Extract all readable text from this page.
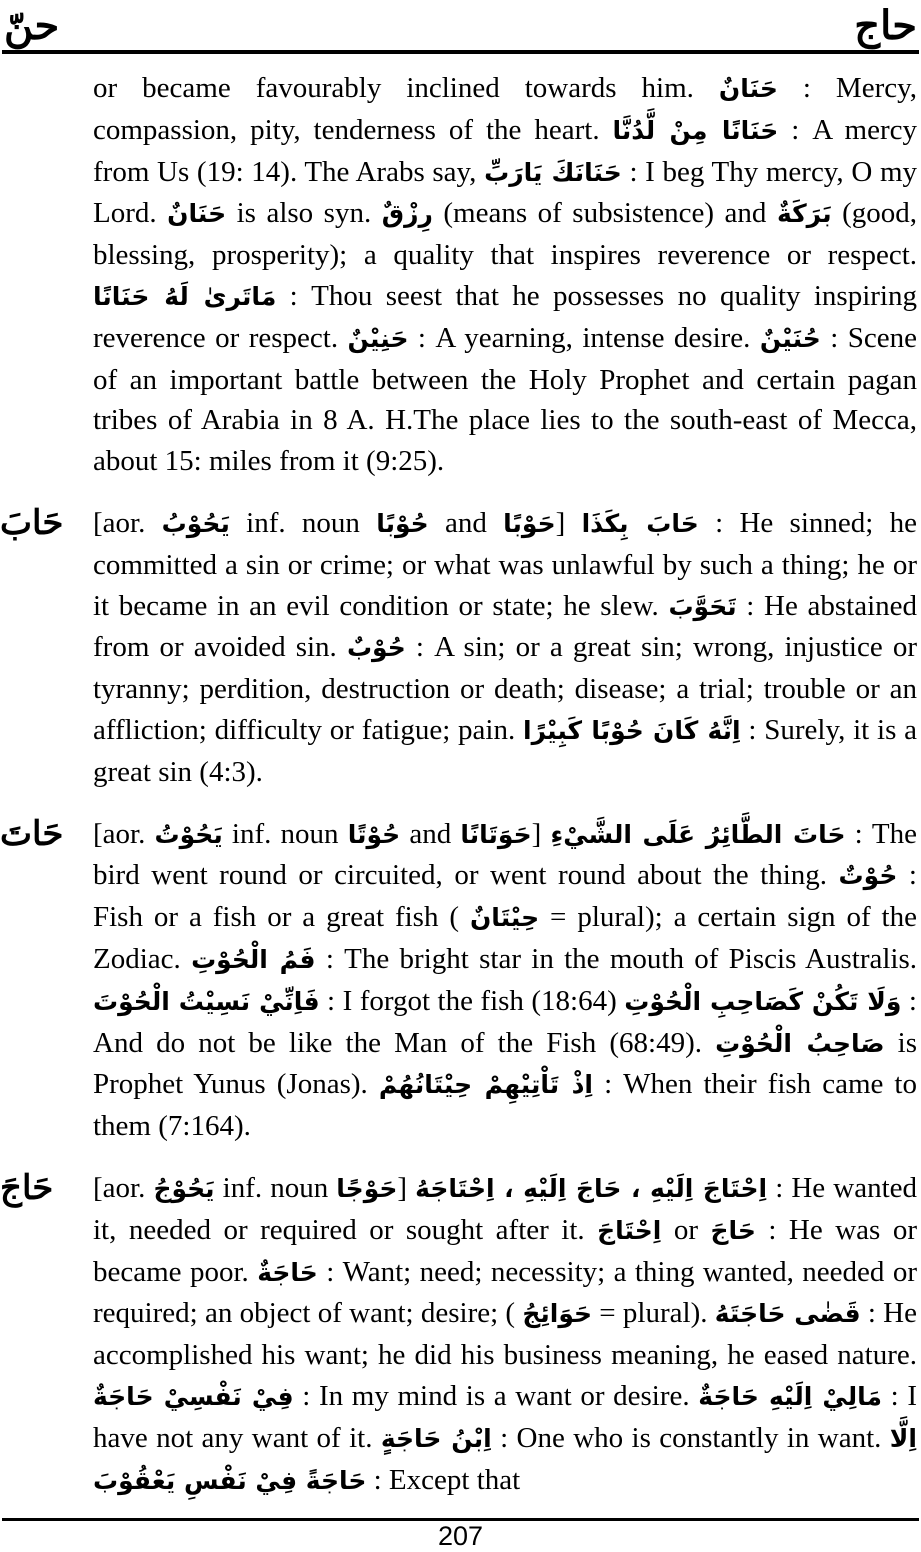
حنّ	حاج

or became favourably inclined towards him. حَنَانٌ : Mercy, compassion, pity, tenderness of the heart. حَنَانًا مِنْ لَّدُنَّا : A mercy from Us (19: 14). The Arabs say, حَنَانَكَ يَارَبِّ : I beg Thy mercy, O my Lord. حَنَانٌ is also syn. رِزْقٌ (means of subsistence) and بَرَكَةٌ (good, blessing, prosperity); a quality that inspires reverence or respect. مَاتَرىٰ لَهُ حَنَانًا : Thou seest that he possesses no quality inspiring reverence or respect. حَنِيْنٌ : A yearning, intense desire. حُنَيْنٌ : Scene of an important battle between the Holy Prophet and certain pagan tribes of Arabia in 8 A. H.The place lies to the south-east of Mecca, about 15: miles from it (9:25).

حَابَ [aor. يَحُوْبُ inf. noun حُوْبًا and حَوْبًا] حَابَ بِكَذَا : He sinned; he committed a sin or crime; or what was unlawful by such a thing; he or it became in an evil condition or state; he slew. تَحَوَّبَ : He abstained from or avoided sin. حُوْبٌ : A sin; or a great sin; wrong, injustice or tyranny; perdition, destruction or death; disease; a trial; trouble or an affliction; difficulty or fatigue; pain. اِنَّهُ كَانَ حُوْبًا كَبِيْرًا : Surely, it is a great sin (4:3).

حَاتَ [aor. يَحُوْتُ inf. noun حُوْتًا and حَوَتَانًا] حَاتَ الطَّائِرُ عَلَى الشَّيْءِ : The bird went round or circuited, or went round about the thing. حُوْتٌ : Fish or a fish or a great fish ( حِيْتَانٌ = plural); a certain sign of the Zodiac. فَمُ الْحُوْتِ : The bright star in the mouth of Piscis Australis. فَاِنِّيْ نَسِيْتُ الْحُوْتَ : I forgot the fish (18:64) وَلَا تَكُنْ كَصَاحِبِ الْحُوْتِ : And do not be like the Man of the Fish (68:49). صَاحِبُ الْحُوْتِ is Prophet Yunus (Jonas). اِذْ تَاْتِيْهِمْ حِيْتَانُهُمْ : When their fish came to them (7:164).

حَاجَ [aor. يَحُوْجُ inf. noun حَوْجًا] اِحْتَاجَ اِلَيْهِ ، حَاجَ اِلَيْهِ ، اِحْتَاجَهُ : He wanted it, needed or required or sought after it. اِحْتَاجَ or حَاجَ : He was or became poor. حَاجَةٌ : Want; need; necessity; a thing wanted, needed or required; an object of want; desire; ( حَوَائِجُ = plural). قَضٰى حَاجَتَهُ : He accomplished his want; he did his business meaning, he eased nature. فِيْ نَفْسِيْ حَاجَةٌ : In my mind is a want or desire. مَالِيْ اِلَيْهِ حَاجَةٌ : I have not any want of it. اِبْنُ حَاجَةٍ : One who is constantly in want. اِلَّا حَاجَةً فِيْ نَفْسِ يَعْقُوْبَ : Except that

207
